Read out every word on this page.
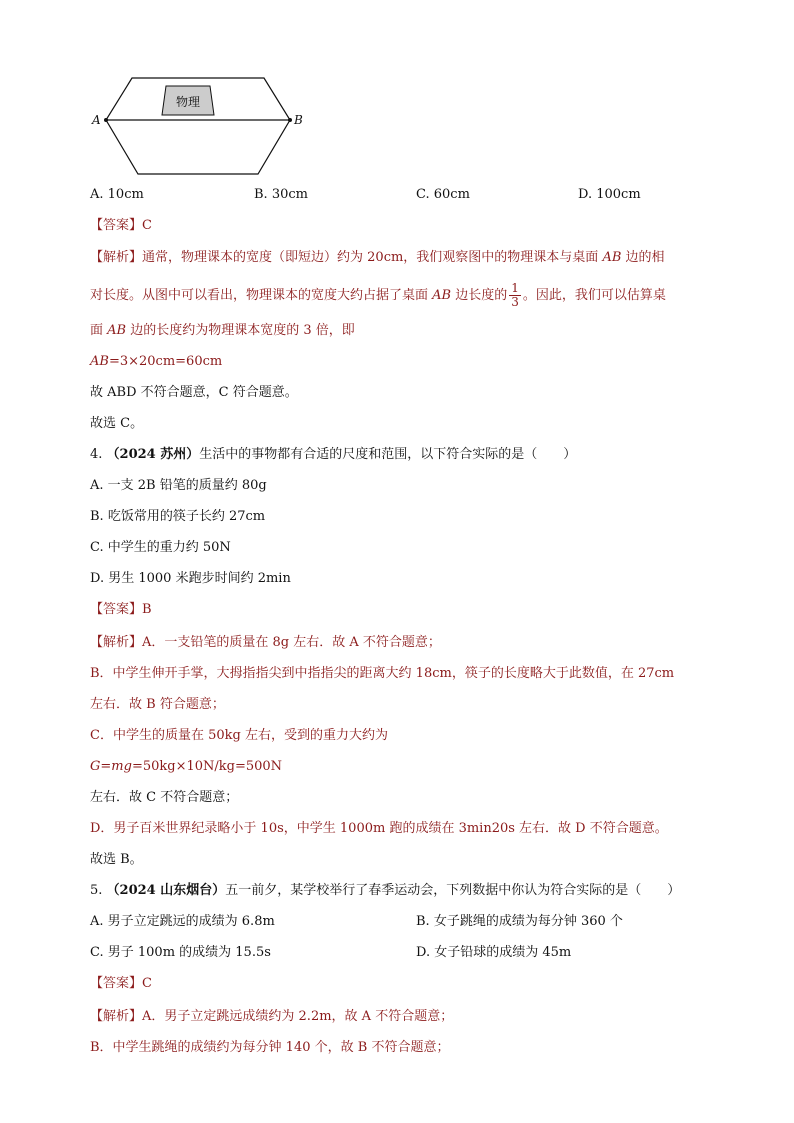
物理
A	B
A. 10cm	B. 30cm	C. 60cm	D. 100cm
【答案】C
【解析】通常，物理课本的宽度（即短边）约为 20cm，我们观察图中的物理课本与桌面 AB 边的相
对长度。从图中可以看出，物理课本的宽度大约占据了桌面 AB 边长度的 $\frac{1}{3}$ 。因此，我们可以估算桌
面 AB 边的长度约为物理课本宽度的 3 倍，即
AB=3×20cm=60cm
故 ABD 不符合题意，C 符合题意。
故选 C。
4. （2024 苏州）生活中的事物都有合适的尺度和范围，以下符合实际的是（　　）
A. 一支 2B 铅笔的质量约 80g
B. 吃饭常用的筷子长约 27cm
C. 中学生的重力约 50N
D. 男生 1000 米跑步时间约 2min
【答案】B
【解析】A．一支铅笔的质量在 8g 左右．故 A 不符合题意；
B．中学生伸开手掌，大拇指指尖到中指指尖的距离大约 18cm，筷子的长度略大于此数值，在 27cm
左右．故 B 符合题意；
C．中学生的质量在 50kg 左右，受到的重力大约为
G=mg=50kg×10N/kg=500N
左右．故 C 不符合题意；
D．男子百米世界纪录略小于 10s，中学生 1000m 跑的成绩在 3min20s 左右．故 D 不符合题意。
故选 B。
5. （2024 山东烟台）五一前夕，某学校举行了春季运动会，下列数据中你认为符合实际的是（　　）
A. 男子立定跳远的成绩为 6.8m	B. 女子跳绳的成绩为每分钟 360 个
C. 男子 100m 的成绩为 15.5s	D. 女子铅球的成绩为 45m
【答案】C
【解析】A．男子立定跳远成绩约为 2.2m，故 A 不符合题意；
B．中学生跳绳的成绩约为每分钟 140 个，故 B 不符合题意；
